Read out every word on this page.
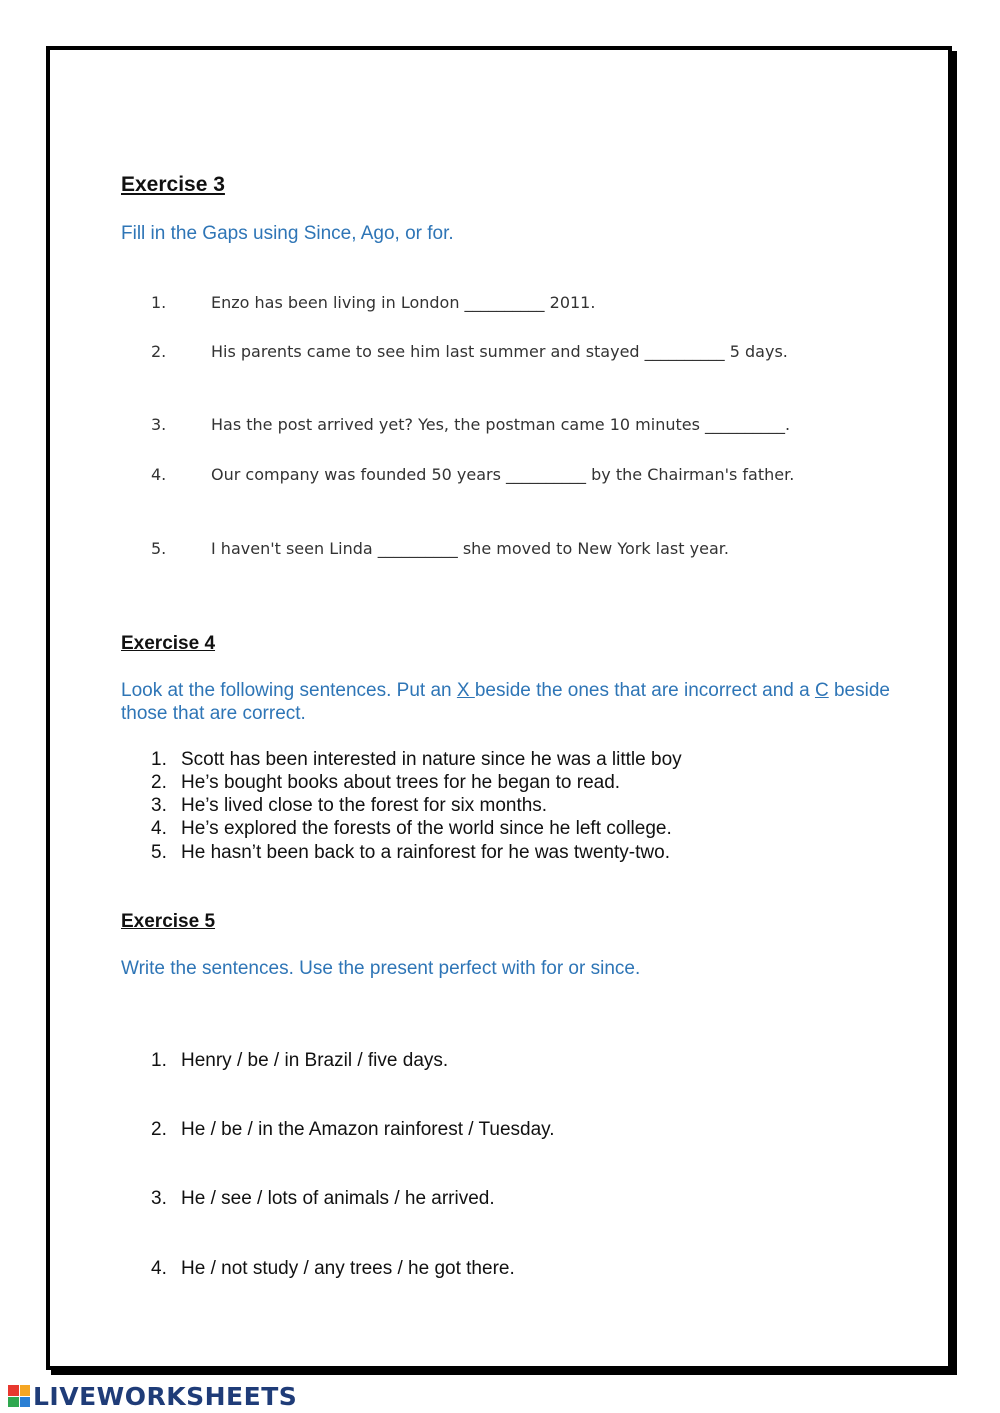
Exercise 3
Fill in the Gaps using Since, Ago, or for.
1.	Enzo has been living in London __________ 2011.
2.	His parents came to see him last summer and stayed __________ 5 days.
3.	Has the post arrived yet? Yes, the postman came 10 minutes __________.
4.	Our company was founded 50 years __________ by the Chairman's father.
5.	I haven't seen Linda __________ she moved to New York last year.
Exercise 4
Look at the following sentences. Put an X beside the ones that are incorrect and a C beside those that are correct.
1. Scott has been interested in nature since he was a little boy
2. He’s bought books about trees for he began to read.
3. He’s lived close to the forest for six months.
4. He’s explored the forests of the world since he left college.
5. He hasn’t been back to a rainforest for he was twenty-two.
Exercise 5
Write the sentences. Use the present perfect with for or since.
1. Henry / be / in Brazil / five days.
2. He / be / in the Amazon rainforest / Tuesday.
3. He / see / lots of animals / he arrived.
4. He / not study / any trees / he got there.
LIVEWORKSHEETS
